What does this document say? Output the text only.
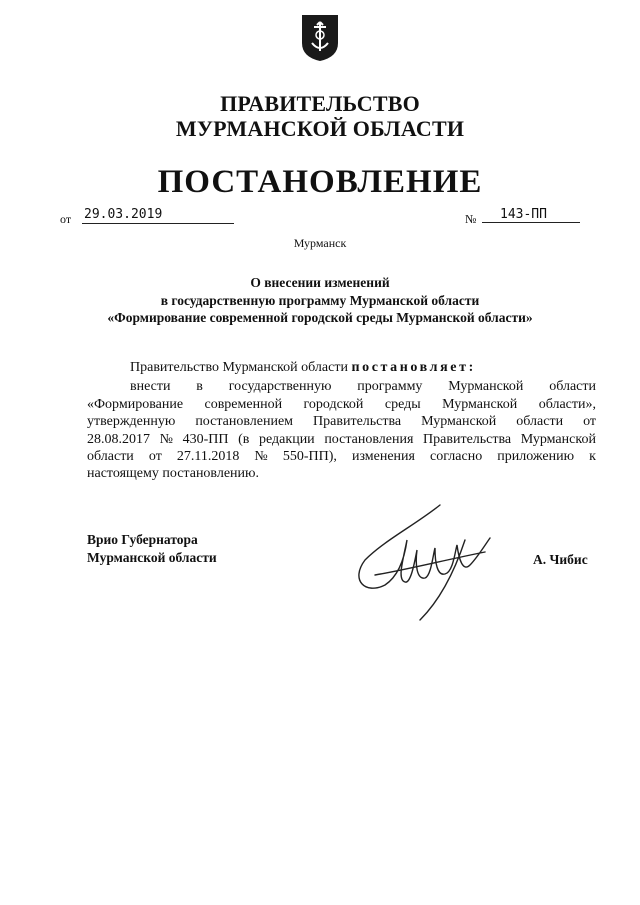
ПРАВИТЕЛЬСТВО
МУРМАНСКОЙ ОБЛАСТИ
ПОСТАНОВЛЕНИЕ
от 29.03.2019	№	143-ПП
Мурманск
О внесении изменений
в государственную программу Мурманской области
«Формирование современной городской среды Мурманской области»
Правительство Мурманской области постановляет:
внести в государственную программу Мурманской области
«Формирование современной городской среды Мурманской области»,
утвержденную постановлением Правительства Мурманской области от
28.08.2017 № 430-ПП (в редакции постановления Правительства Мурманской
области от 27.11.2018 № 550-ПП), изменения согласно приложению к
настоящему постановлению.
Врио Губернатора
Мурманской области	А. Чибис
